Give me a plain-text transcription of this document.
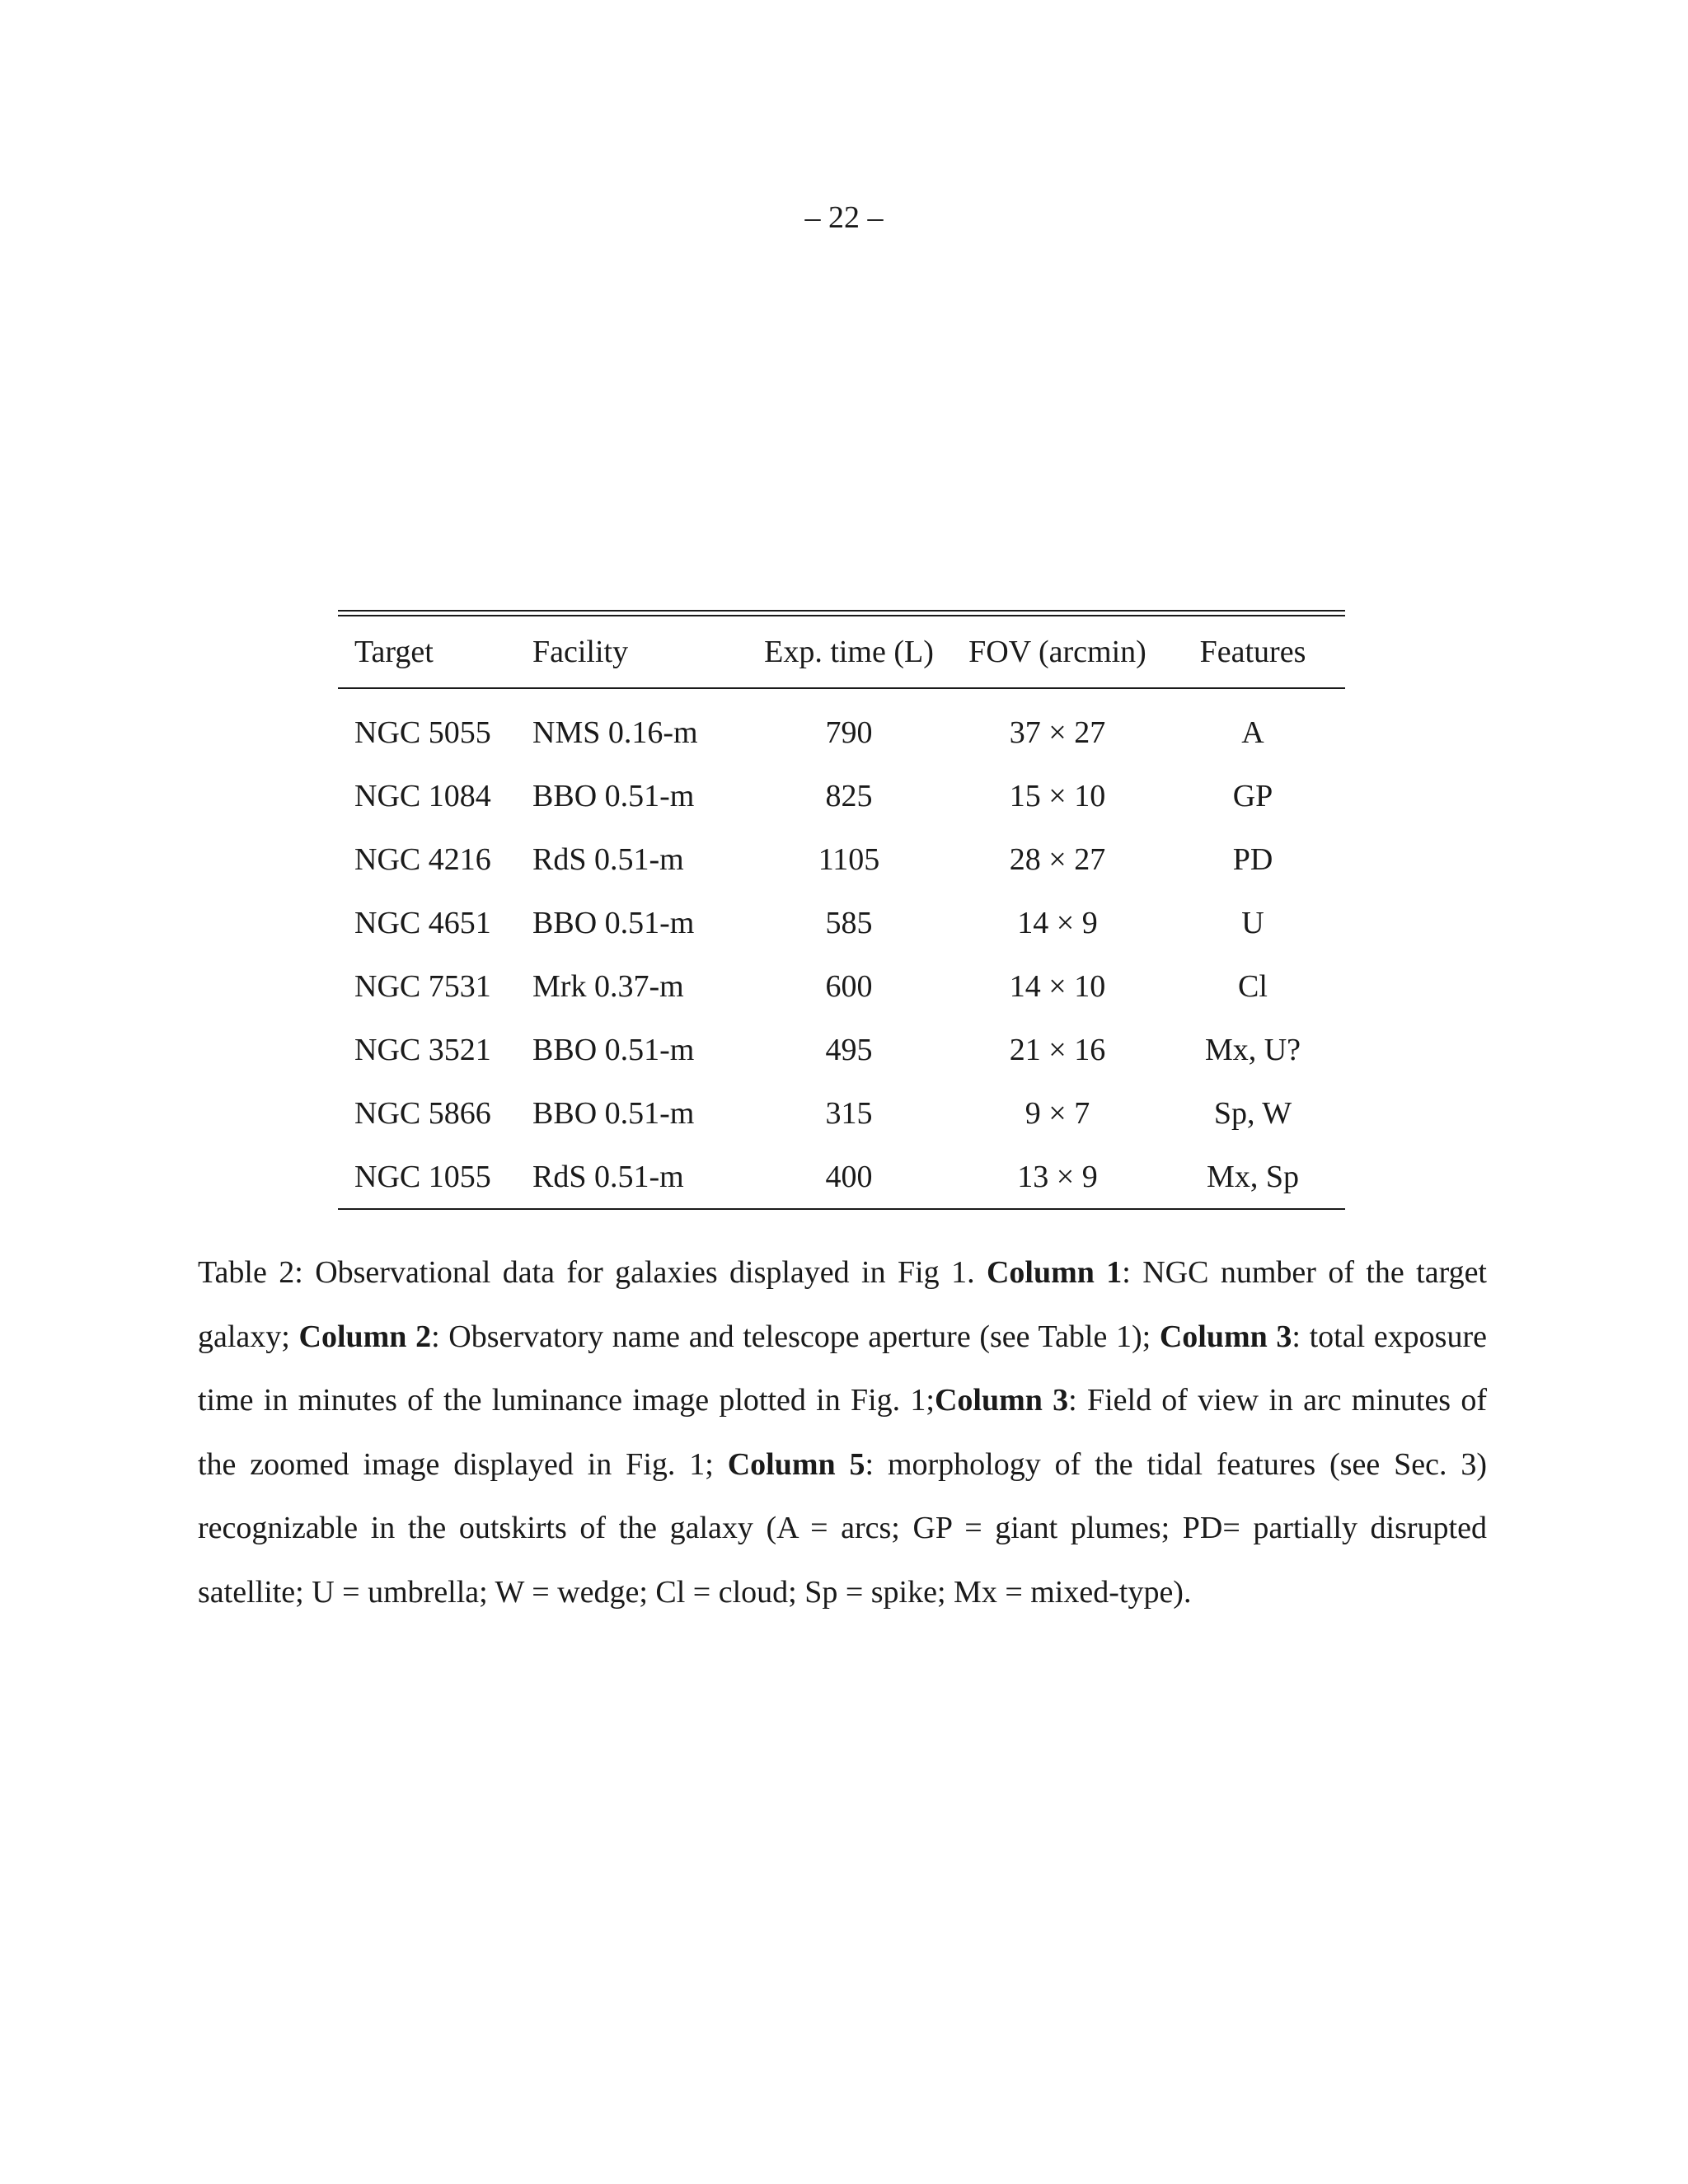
– 22 –
Target	Facility	Exp. time (L)	FOV (arcmin)	Features
NGC 5055	NMS 0.16-m	790	37 × 27	A
NGC 1084	BBO 0.51-m	825	15 × 10	GP
NGC 4216	RdS 0.51-m	1105	28 × 27	PD
NGC 4651	BBO 0.51-m	585	14 × 9	U
NGC 7531	Mrk 0.37-m	600	14 × 10	Cl
NGC 3521	BBO 0.51-m	495	21 × 16	Mx, U?
NGC 5866	BBO 0.51-m	315	9 × 7	Sp, W
NGC 1055	RdS 0.51-m	400	13 × 9	Mx, Sp

Table 2: Observational data for galaxies displayed in Fig 1. Column 1: NGC number of the target galaxy; Column 2: Observatory name and telescope aperture (see Table 1); Column 3: total exposure time in minutes of the luminance image plotted in Fig. 1;Column 3: Field of view in arc minutes of the zoomed image displayed in Fig. 1; Column 5: morphology of the tidal features (see Sec. 3) recognizable in the outskirts of the galaxy (A = arcs; GP = giant plumes; PD= partially disrupted satellite; U = umbrella; W = wedge; Cl = cloud; Sp = spike; Mx = mixed-type).
